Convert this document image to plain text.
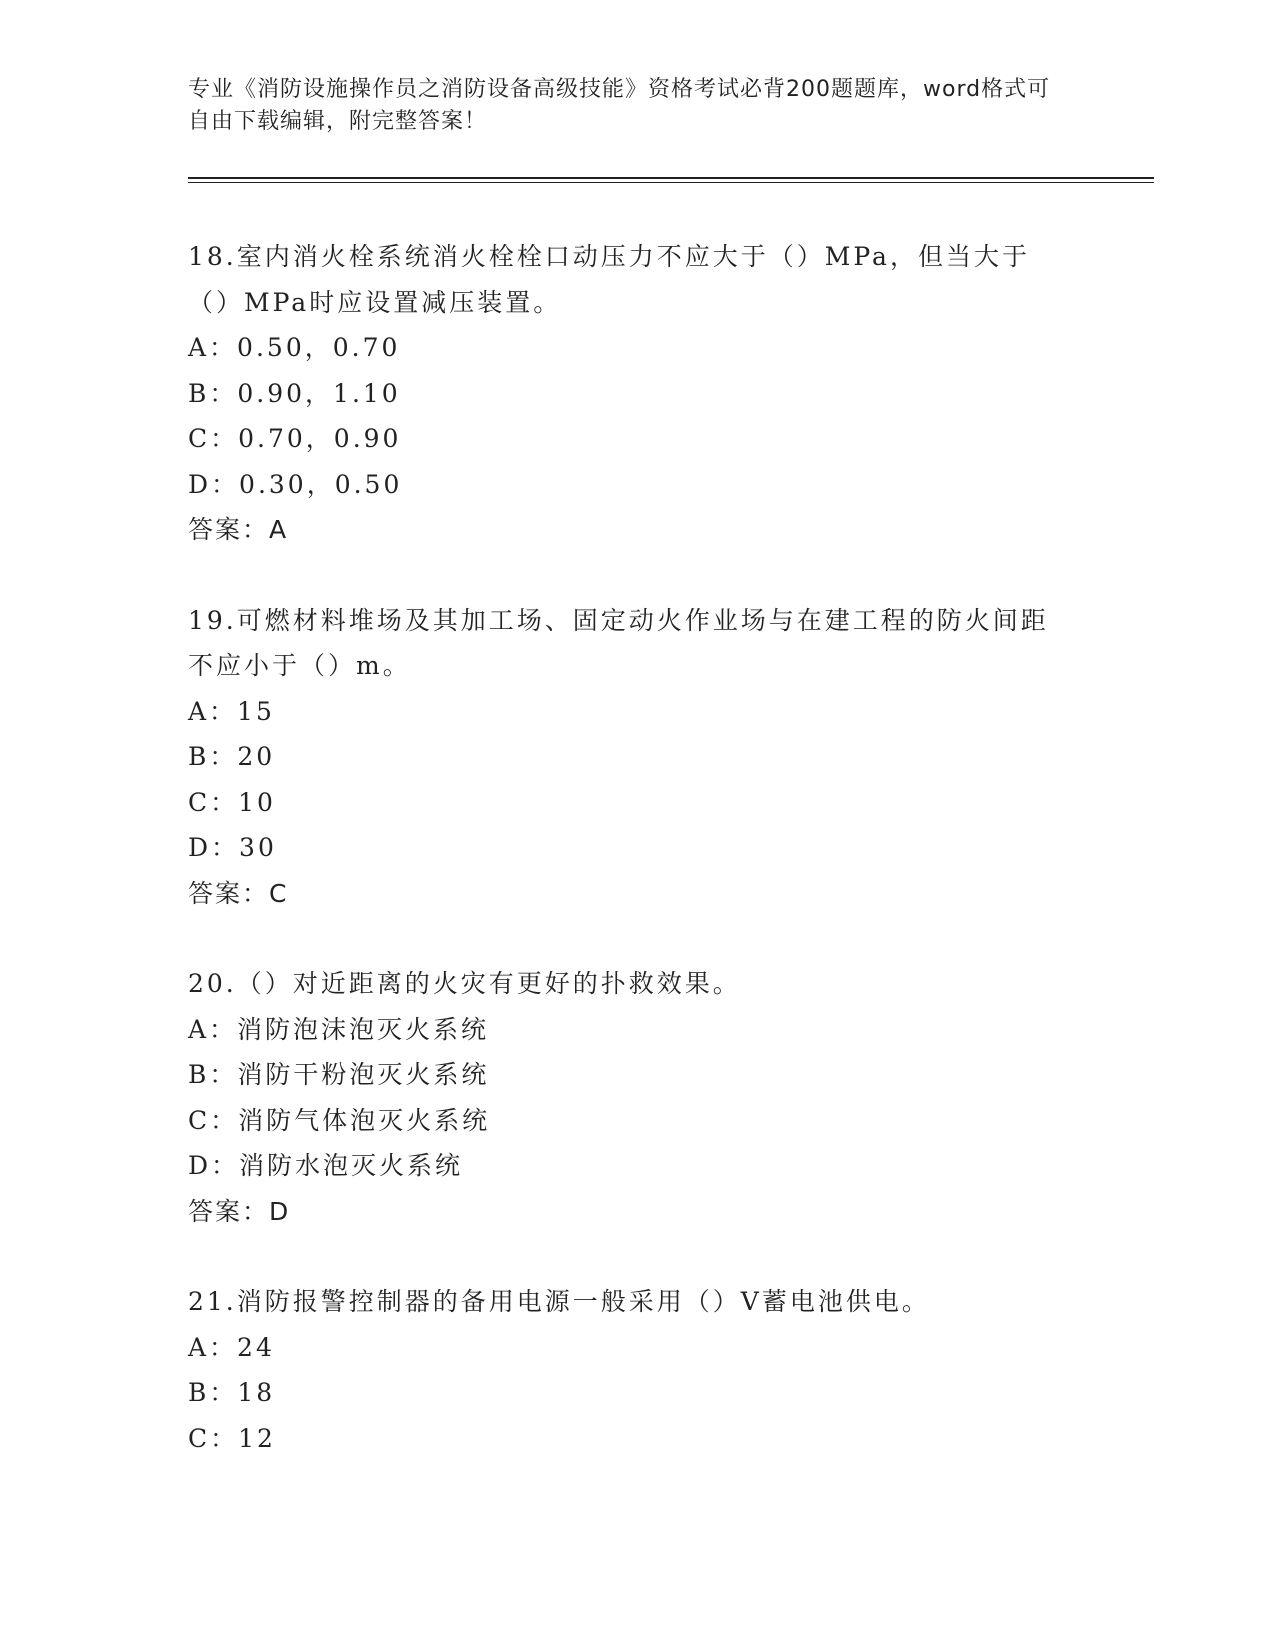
专业《消防设施操作员之消防设备高级技能》资格考试必背200题题库，word格式可自由下载编辑，附完整答案！
18.室内消火栓系统消火栓栓口动压力不应大于（）MPa，但当大于（）MPa时应设置减压装置。
A：0.50，0.70
B：0.90，1.10
C：0.70，0.90
D：0.30，0.50
答案：A
19.可燃材料堆场及其加工场、固定动火作业场与在建工程的防火间距不应小于（）m。
A：15
B：20
C：10
D：30
答案：C
20.（）对近距离的火灾有更好的扑救效果。
A：消防泡沫泡灭火系统
B：消防干粉泡灭火系统
C：消防气体泡灭火系统
D：消防水泡灭火系统
答案：D
21.消防报警控制器的备用电源一般采用（）V蓄电池供电。
A：24
B：18
C：12
